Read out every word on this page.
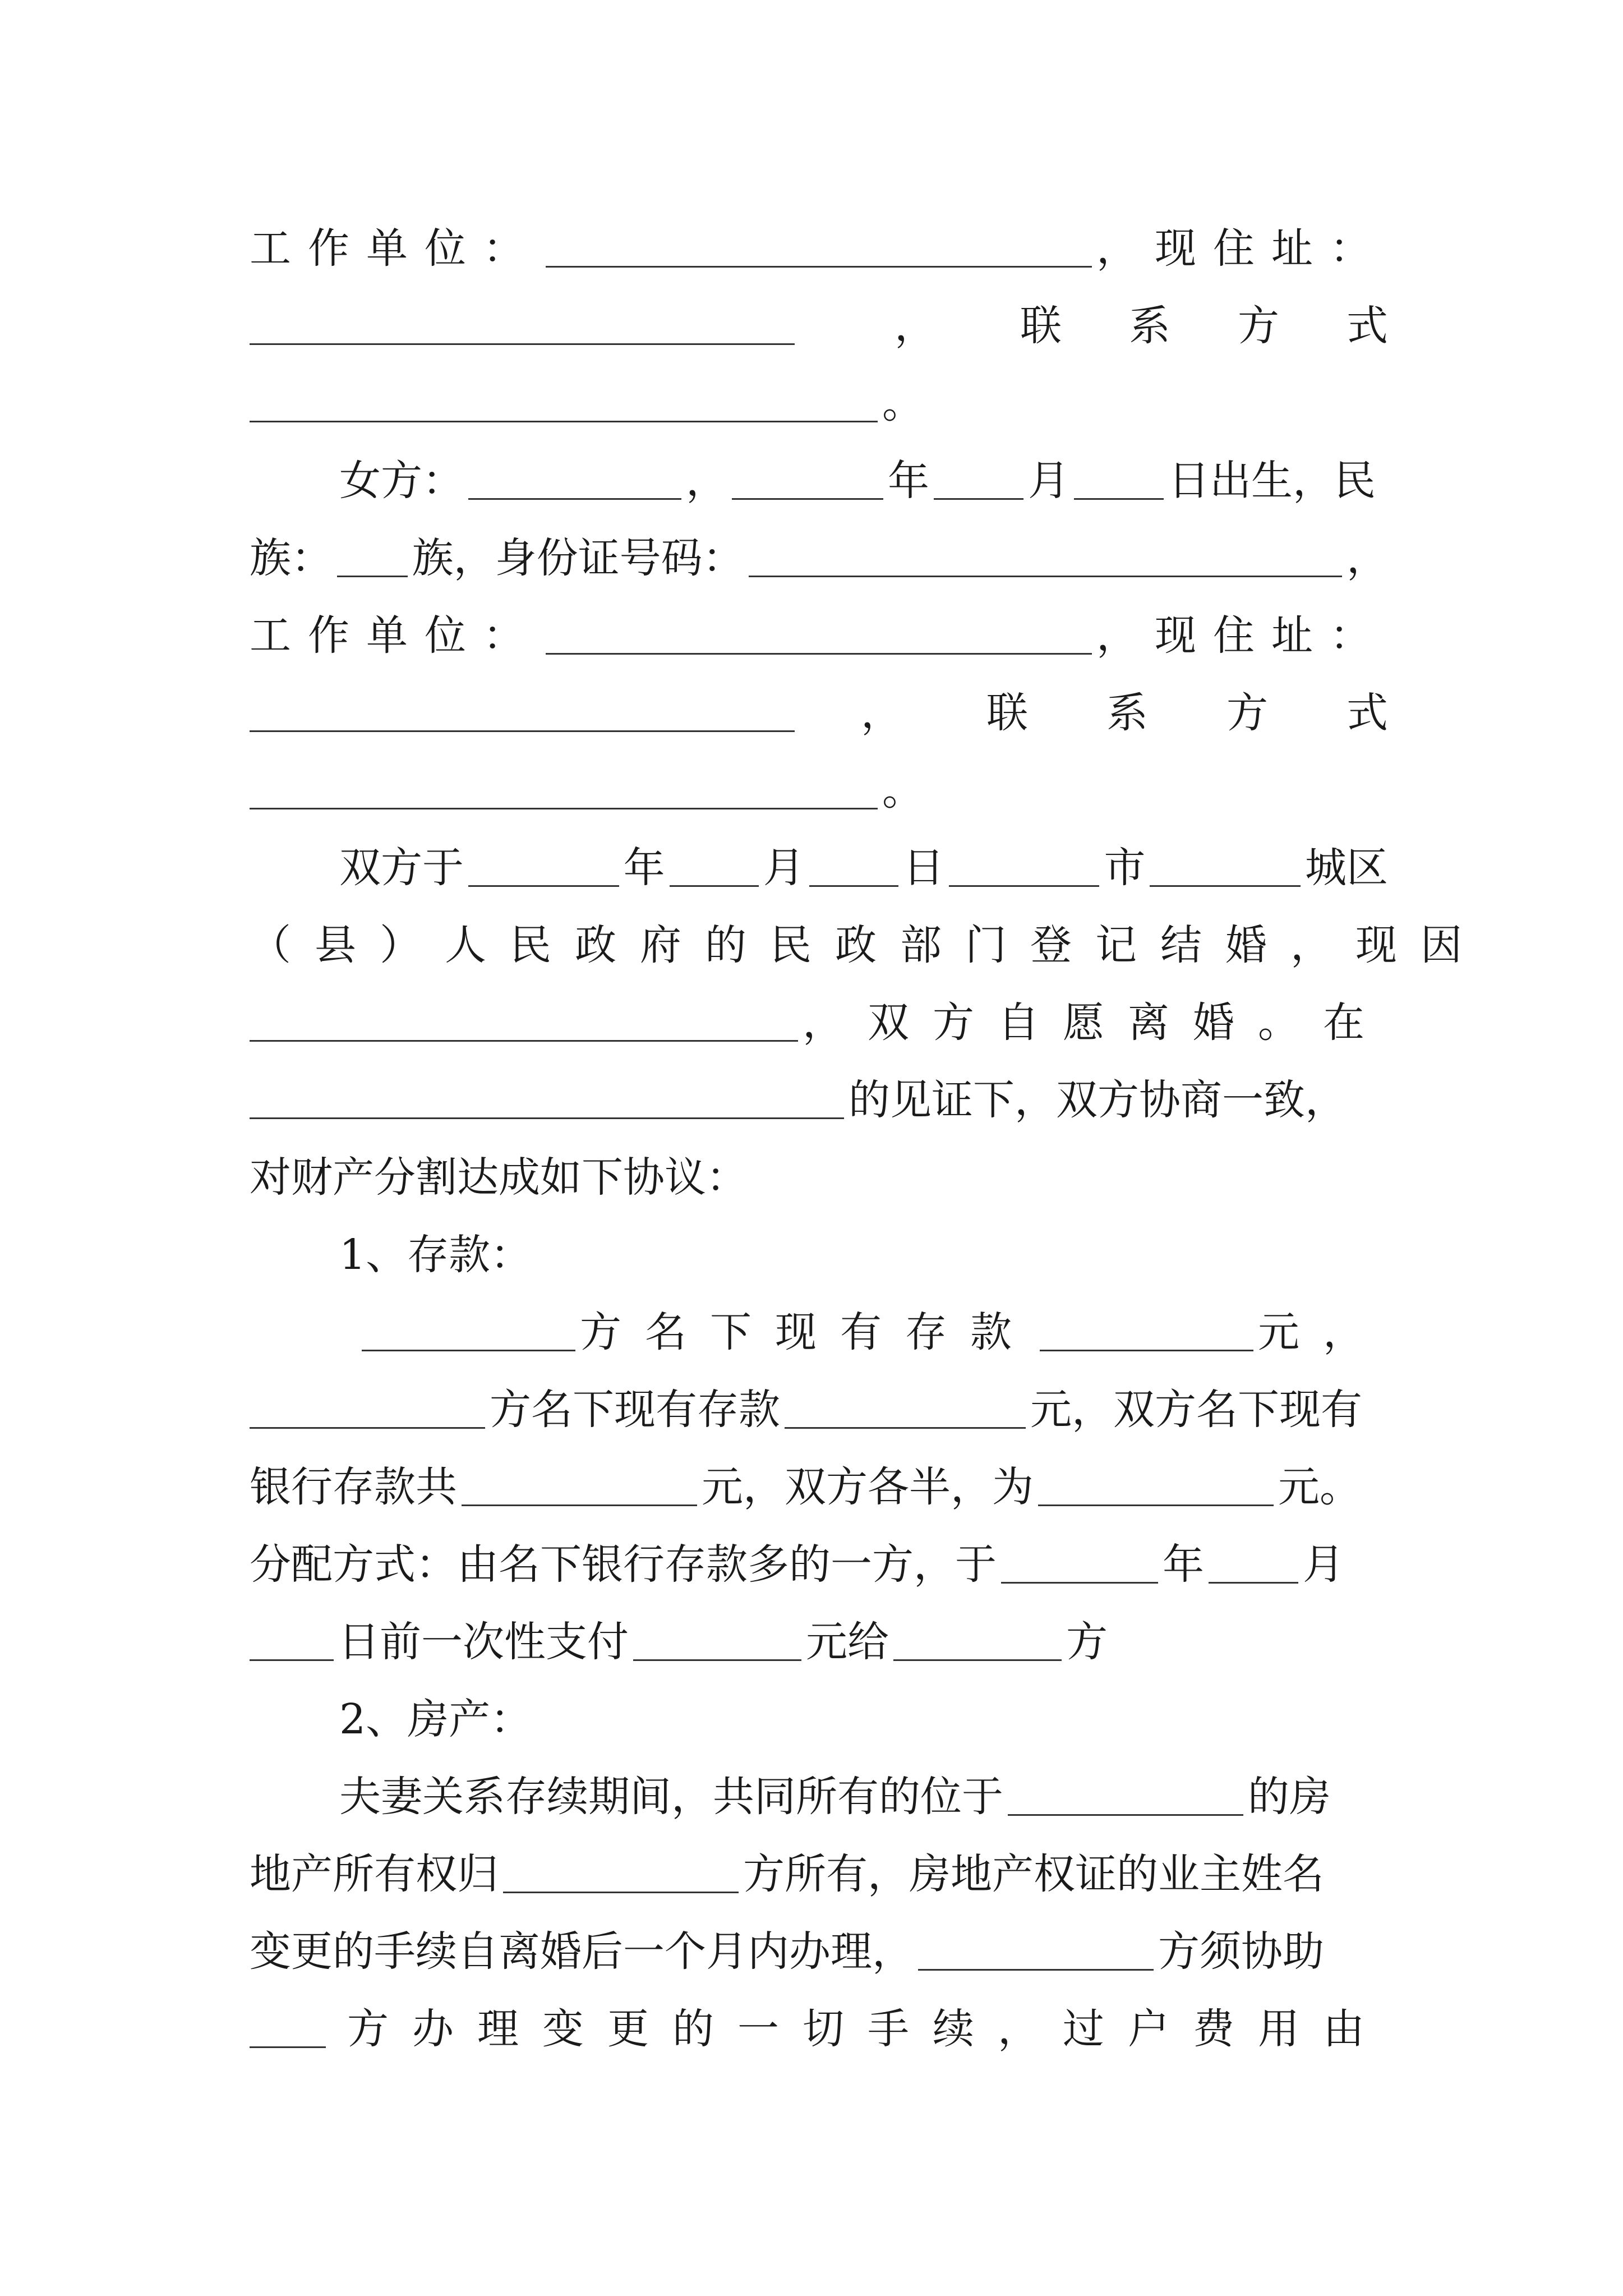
工作单位：	，现住址：
， 联 系 方 式
。
女方：	，	年 月 日出生，民
族： 族，身份证号码：	，
工作单位：	，现住址：
， 联 系 方 式
。
双方于	年 月 日	市	城区
（县）人民政府的民政部门登记结婚，现因
，双方自愿离婚。在
的见证下，双方协商一致，
对财产分割达成如下协议：
1、存款：
方名下现有存款	元，
方名下现有存款	元，双方名下现有
银行存款共	元，双方各半，为	元。
分配方式：由名下银行存款多的一方，于	年 月
日前一次性支付	元给	方
2、房产：
夫妻关系存续期间，共同所有的位于	的房
地产所有权归	方所有，房地产权证的业主姓名
变更的手续自离婚后一个月内办理，	方须协助
方办理变更的一切手续，过户费用由
